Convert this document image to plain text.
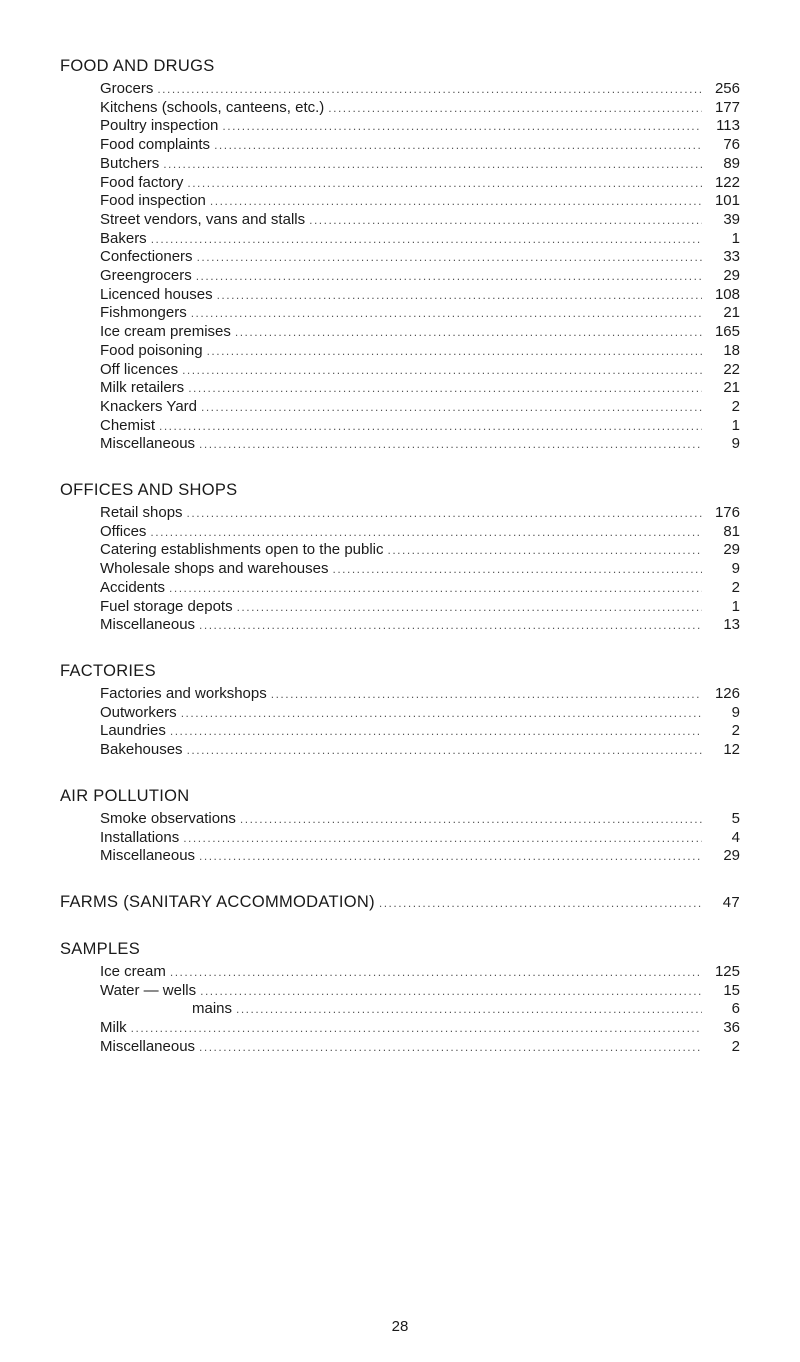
FOOD AND DRUGS
Grocers .....	256
Kitchens (schools, canteens, etc.) .....	177
Poultry inspection .....	113
Food complaints .....	76
Butchers .....	89
Food factory .....	122
Food inspection .....	101
Street vendors, vans and stalls .....	39
Bakers .....	1
Confectioners .....	33
Greengrocers .....	29
Licenced houses .....	108
Fishmongers .....	21
Ice cream premises .....	165
Food poisoning .....	18
Off licences .....	22
Milk retailers .....	21
Knackers Yard .....	2
Chemist .....	1
Miscellaneous .....	9
OFFICES AND SHOPS
Retail shops .....	176
Offices .....	81
Catering establishments open to the public .....	29
Wholesale shops and warehouses .....	9
Accidents .....	2
Fuel storage depots .....	1
Miscellaneous .....	13
FACTORIES
Factories and workshops .....	126
Outworkers .....	9
Laundries .....	2
Bakehouses .....	12
AIR POLLUTION
Smoke observations .....	5
Installations .....	4
Miscellaneous .....	29
FARMS (SANITARY ACCOMMODATION) .....	47
SAMPLES
Ice cream .....	125
Water — wells .....	15
mains .....	6
Milk .....	36
Miscellaneous .....	2
28
